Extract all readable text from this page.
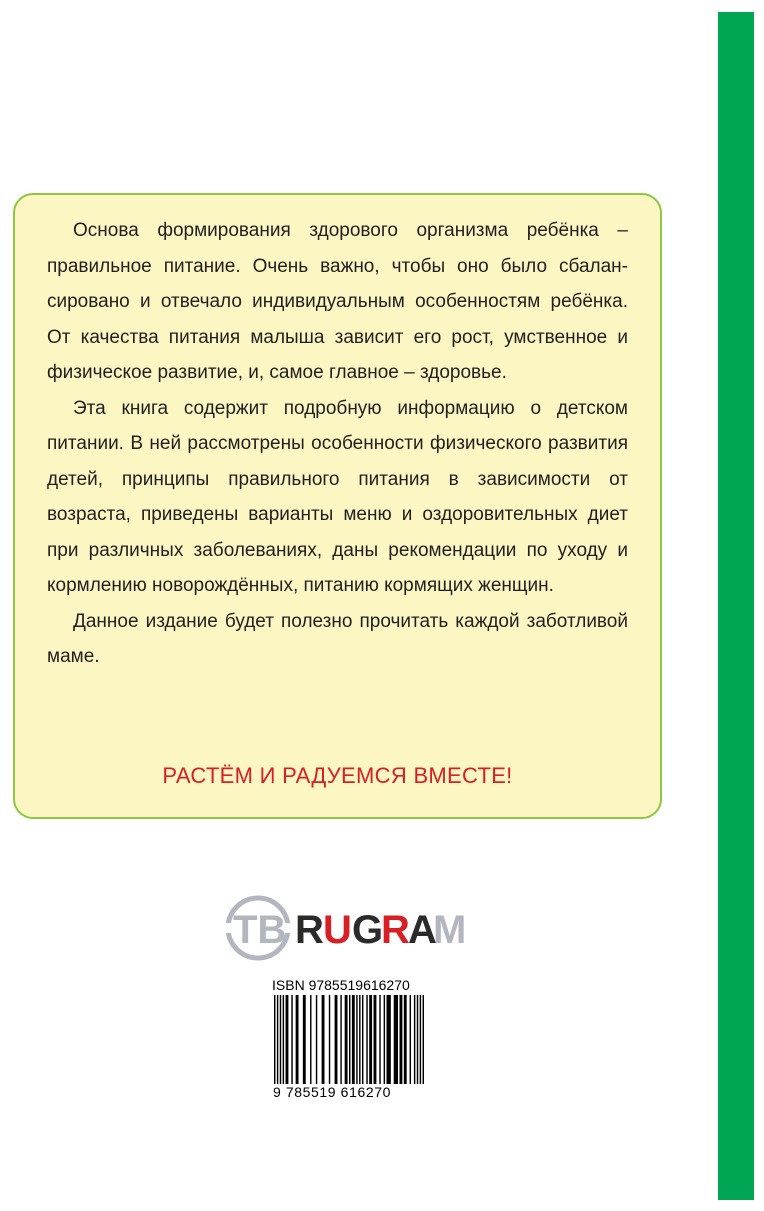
Основа формирования здорового организма ребёнка – правильное питание. Очень важно, чтобы оно было сбалансировано и отвечало индивидуальным особенностям ребёнка. От качества питания малыша зависит его рост, умственное и физическое развитие, и, самое главное – здоровье.

Эта книга содержит подробную информацию о детском питании. В ней рассмотрены особенности физического развития детей, принципы правильного питания в зависимости от возраста, приведены варианты меню и оздоровительных диет при различных заболеваниях, даны рекомендации по уходу и кормлению новорождённых, питанию кормящих женщин.

Данное издание будет полезно прочитать каждой заботливой маме.

РАСТЁМ И РАДУЕМСЯ ВМЕСТЕ!
TB R U G
R
A
M

ISBN 9785519616270

9 785519 616270
